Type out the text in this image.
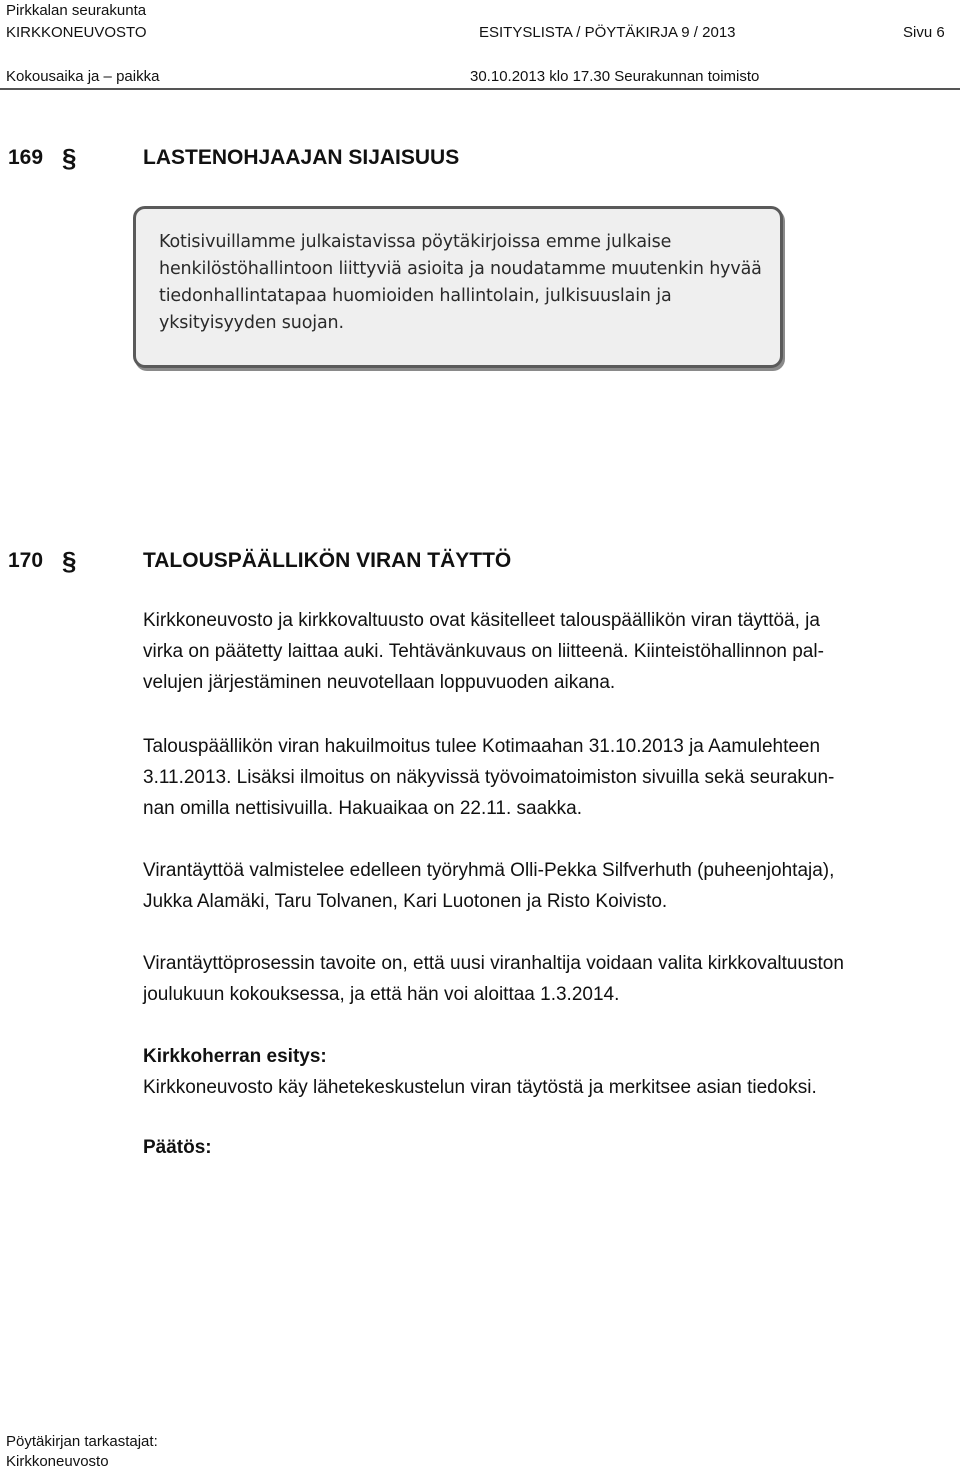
Pirkkalan seurakunta
KIRKKONEUVOSTO	ESITYSLISTA / PÖYTÄKIRJA 9 / 2013	Sivu 6
Kokousaika ja – paikka	30.10.2013 klo 17.30 Seurakunnan toimisto
169 §	LASTENOHJAAJAN SIJAISUUS
Kotisivuillamme julkaistavissa pöytäkirjoissa emme julkaise henkilöstöhallintoon liittyviä asioita ja noudatamme muutenkin hyvää tiedonhallintatapaa huomioiden hallintolain, julkisuuslain ja yksityisyyden suojan.
170 §	TALOUSPÄÄLLIKÖN VIRAN TÄYTTÖ
Kirkkoneuvosto ja kirkkovaltuusto ovat käsitelleet talouspäällikön viran täyttöä, ja
virka on päätetty laittaa auki. Tehtävänkuvaus on liitteenä. Kiinteistöhallinnon pal-
velujen järjestäminen neuvotellaan loppuvuoden aikana.
Talouspäällikön viran hakuilmoitus tulee Kotimaahan 31.10.2013 ja Aamulehteen
3.11.2013. Lisäksi ilmoitus on näkyvissä työvoimatoimiston sivuilla sekä seurakun-
nan omilla nettisivuilla. Hakuaikaa on 22.11. saakka.
Virantäyttöä valmistelee edelleen työryhmä Olli-Pekka Silfverhuth (puheenjohtaja),
Jukka Alamäki, Taru Tolvanen, Kari Luotonen ja Risto Koivisto.
Virantäyttöprosessin tavoite on, että uusi viranhaltija voidaan valita kirkkovaltuuston
joulukuun kokouksessa, ja että hän voi aloittaa 1.3.2014.
Kirkkoherran esitys:
Kirkkoneuvosto käy lähetekeskustelun viran täytöstä ja merkitsee asian tiedoksi.
Päätös:
Pöytäkirjan tarkastajat:
Kirkkoneuvosto
